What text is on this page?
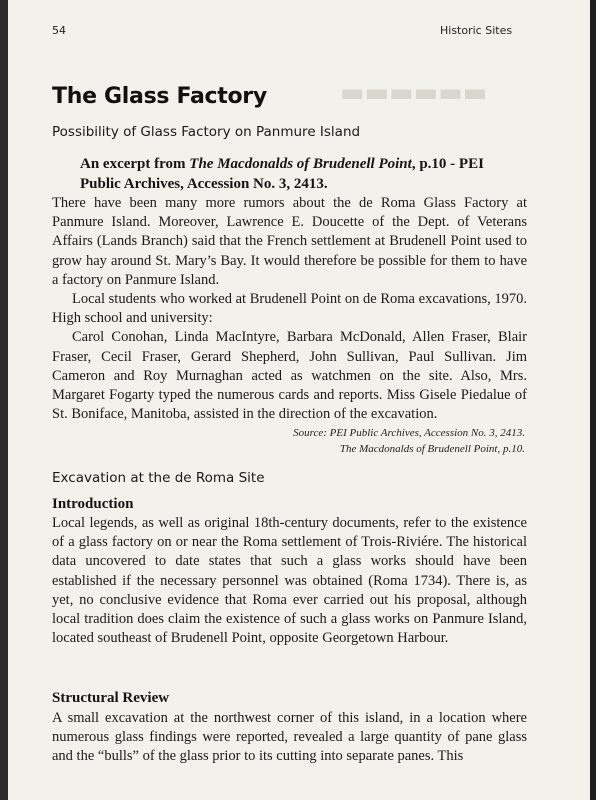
▬▬▬▬▬▬
54	Historic Sites
The Glass Factory
Possibility of Glass Factory on Panmure Island
An excerpt from The Macdonalds of Brudenell Point, p.10 - PEI Public Archives, Accession No. 3, 2413.

There have been many more rumors about the de Roma Glass Factory at Panmure Island. Moreover, Lawrence E. Doucette of the Dept. of Veterans Affairs (Lands Branch) said that the French settlement at Brudenell Point used to grow hay around St. Mary’s Bay. It would therefore be possible for them to have a factory on Panmure Island.

Local students who worked at Brudenell Point on de Roma excavations, 1970. High school and university:

Carol Conohan, Linda MacIntyre, Barbara McDonald, Allen Fraser, Blair Fraser, Cecil Fraser, Gerard Shepherd, John Sullivan, Paul Sullivan. Jim Cameron and Roy Murnaghan acted as watchmen on the site. Also, Mrs. Margaret Fogarty typed the numerous cards and reports. Miss Gisele Piedalue of St. Boniface, Manitoba, assisted in the direction of the excavation.

Source: PEI Public Archives, Accession No. 3, 2413.
The Macdonalds of Brudenell Point, p.10.
Excavation at the de Roma Site
Introduction

Local legends, as well as original 18th-century documents, refer to the existence of a glass factory on or near the Roma settlement of Trois-Riviére. The historical data uncovered to date states that such a glass works should have been established if the necessary personnel was obtained (Roma 1734). There is, as yet, no conclusive evidence that Roma ever carried out his proposal, although local tradition does claim the existence of such a glass works on Panmure Island, located southeast of Brudenell Point, opposite Georgetown Harbour.

Structural Review

A small excavation at the northwest corner of this island, in a location where numerous glass findings were reported, revealed a large quantity of pane glass and the “bulls” of the glass prior to its cutting into separate panes. This
